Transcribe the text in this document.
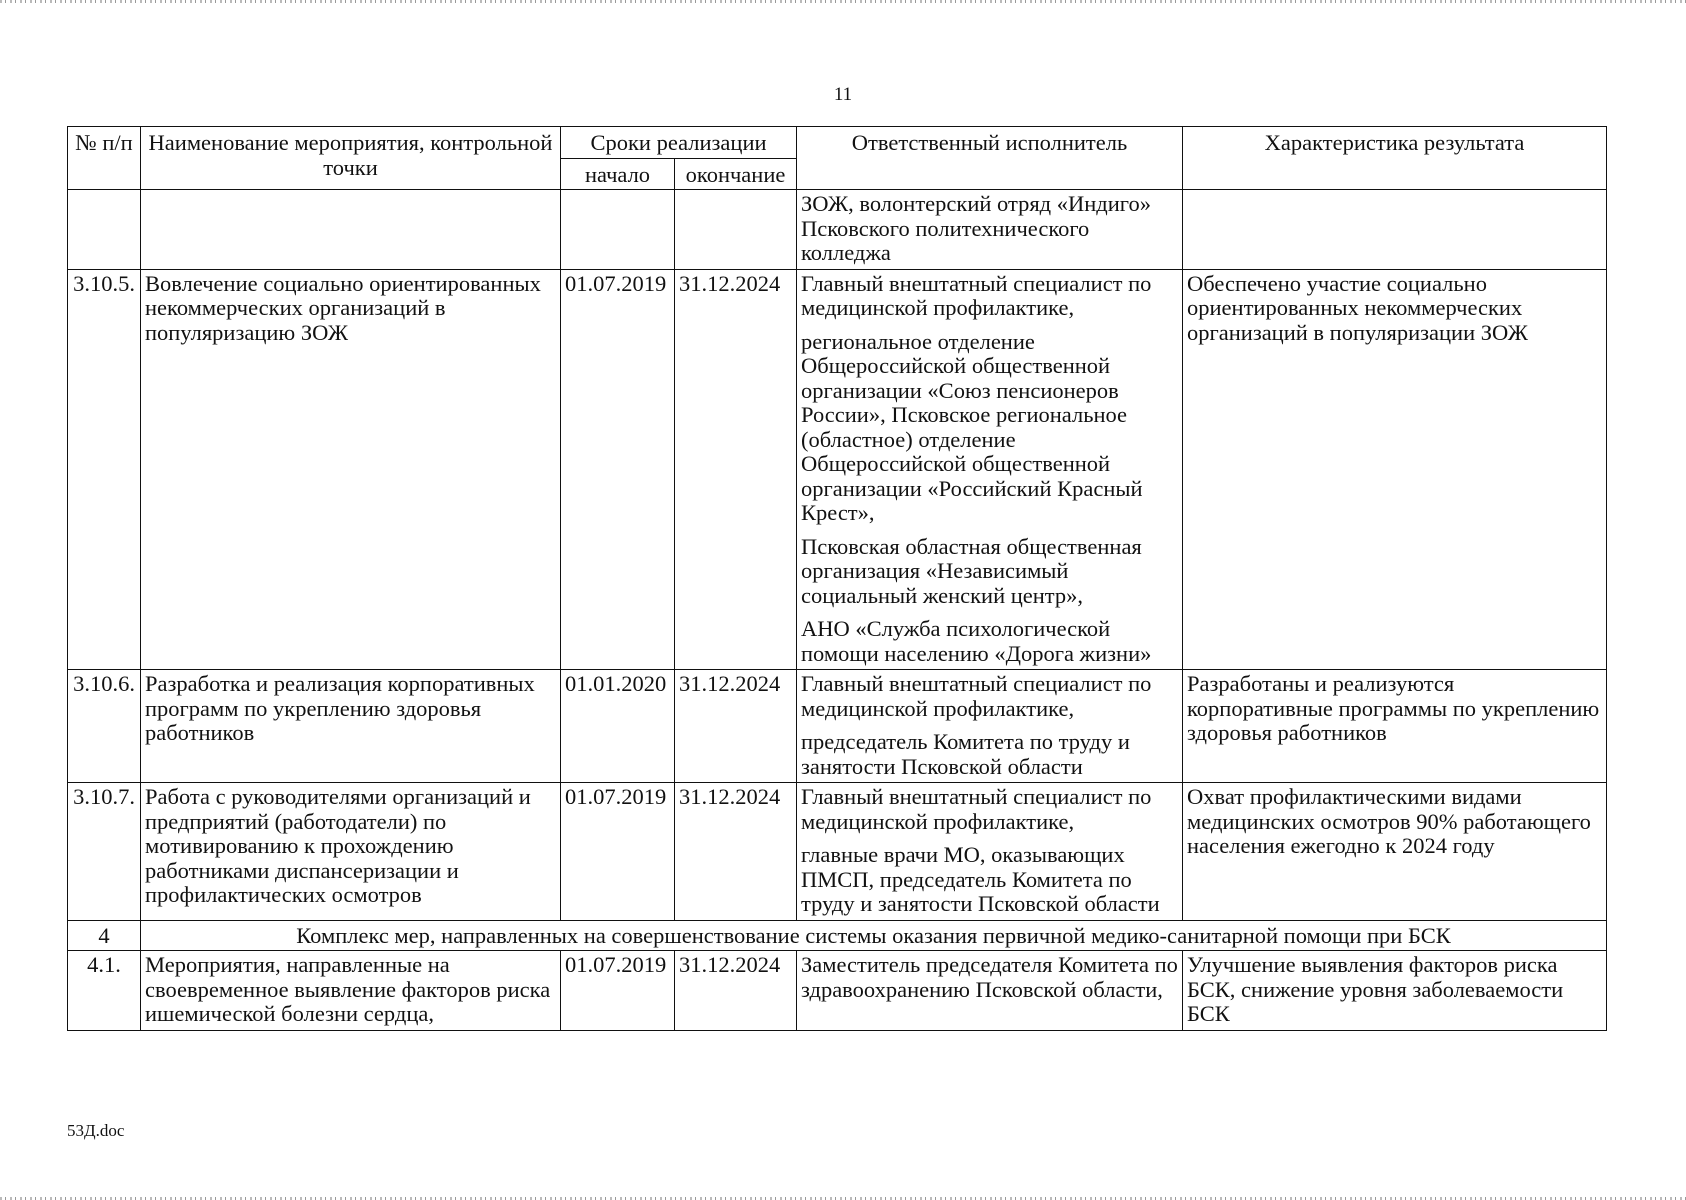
11
№ п/п	Наименование мероприятия, контрольной точки	Сроки реализации		Ответственный исполнитель	Характеристика результата
		начало	окончание		
				ЗОЖ, волонтерский отряд «Индиго» Псковского политехнического колледжа	
3.10.5.	Вовлечение социально ориентированных некоммерческих организаций в популяризацию ЗОЖ	01.07.2019	31.12.2024	Главный внештатный специалист по медицинской профилактике,
региональное отделение Общероссийской общественной организации «Союз пенсионеров России», Псковское региональное (областное) отделение Общероссийской общественной организации «Российский Красный Крест»,
Псковская областная общественная организация «Независимый социальный женский центр»,
АНО «Служба психологической помощи населению «Дорога жизни»	Обеспечено участие социально ориентированных некоммерческих организаций в популяризации ЗОЖ
3.10.6.	Разработка и реализация корпоративных программ по укреплению здоровья работников	01.01.2020	31.12.2024	Главный внештатный специалист по медицинской профилактике,
председатель Комитета по труду и занятости Псковской области	Разработаны и реализуются корпоративные программы по укреплению здоровья работников
3.10.7.	Работа с руководителями организаций и предприятий (работодатели) по мотивированию к прохождению работниками диспансеризации и профилактических осмотров	01.07.2019	31.12.2024	Главный внештатный специалист по медицинской профилактике,
главные врачи МО, оказывающих ПМСП, председатель Комитета по труду и занятости Псковской области	Охват профилактическими видами медицинских осмотров 90% работающего населения ежегодно к 2024 году
4	Комплекс мер, направленных на совершенствование системы оказания первичной медико-санитарной помощи при БСК				
4.1.	Мероприятия, направленные на своевременное выявление факторов риска ишемической болезни сердца,	01.07.2019	31.12.2024	Заместитель председателя Комитета по здравоохранению Псковской области,	Улучшение выявления факторов риска БСК, снижение уровня заболеваемости БСК
53Д.doc
